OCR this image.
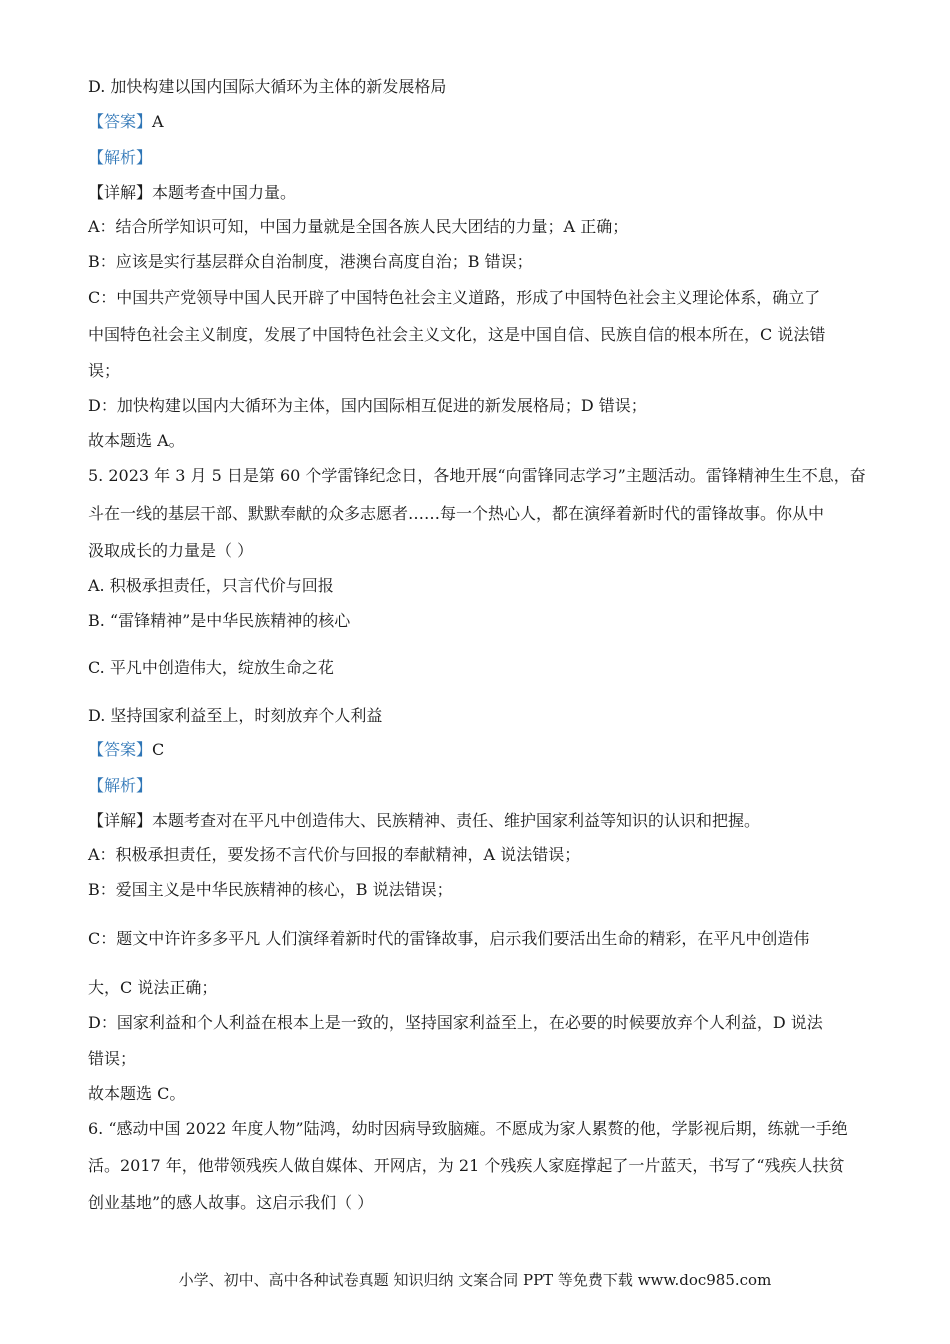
D. 加快构建以国内国际大循环为主体的新发展格局
【答案】A
【解析】
【详解】本题考查中国力量。
A：结合所学知识可知，中国力量就是全国各族人民大团结的力量；A 正确；
B：应该是实行基层群众自治制度，港澳台高度自治；B 错误；
C：中国共产党领导中国人民开辟了中国特色社会主义道路，形成了中国特色社会主义理论体系，确立了
中国特色社会主义制度，发展了中国特色社会主义文化，这是中国自信、民族自信的根本所在，C 说法错
误；
D：加快构建以国内大循环为主体，国内国际相互促进的新发展格局；D 错误；
故本题选 A。
5. 2023 年 3 月 5 日是第 60 个学雷锋纪念日，各地开展“向雷锋同志学习”主题活动。雷锋精神生生不息，奋
斗在一线的基层干部、默默奉献的众多志愿者……每一个热心人，都在演绎着新时代的雷锋故事。你从中
汲取成长的力量是（ ）
A. 积极承担责任，只言代价与回报
B. “雷锋精神”是中华民族精神的核心
C. 平凡中创造伟大，绽放生命之花
D. 坚持国家利益至上，时刻放弃个人利益
【答案】C
【解析】
【详解】本题考查对在平凡中创造伟大、民族精神、责任、维护国家利益等知识的认识和把握。
A：积极承担责任，要发扬不言代价与回报的奉献精神，A 说法错误；
B：爱国主义是中华民族精神的核心，B 说法错误；
C：题文中许许多多平凡 人们演绎着新时代的雷锋故事，启示我们要活出生命的精彩，在平凡中创造伟
大，C 说法正确；
D：国家利益和个人利益在根本上是一致的，坚持国家利益至上，在必要的时候要放弃个人利益，D 说法
错误；
故本题选 C。
6. “感动中国 2022 年度人物”陆鸿，幼时因病导致脑瘫。不愿成为家人累赘的他，学影视后期，练就一手绝
活。2017 年，他带领残疾人做自媒体、开网店，为 21 个残疾人家庭撑起了一片蓝天，书写了“残疾人扶贫
创业基地”的感人故事。这启示我们（ ）
小学、初中、高中各种试卷真题 知识归纳 文案合同 PPT 等免费下载 www.doc985.com
